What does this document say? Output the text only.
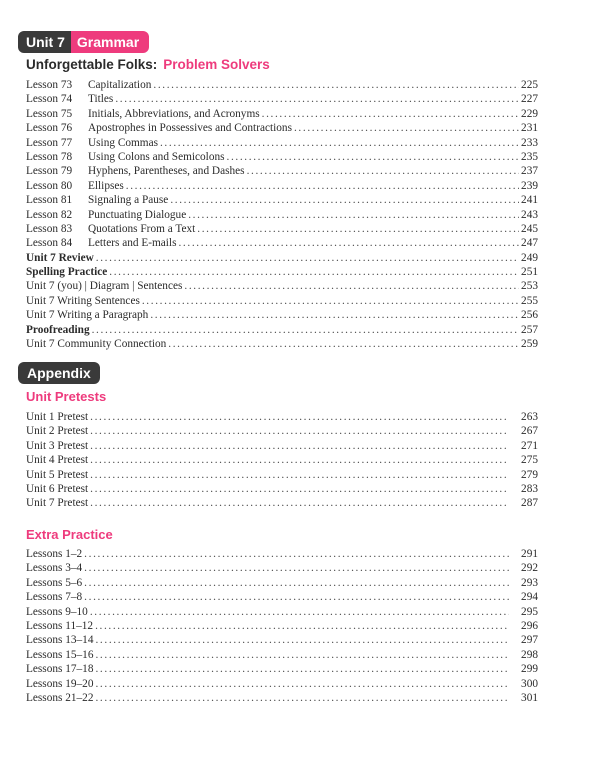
Unit 7 Grammar
Unforgettable Folks: Problem Solvers
Lesson 73	Capitalization . . .	225
Lesson 74	Titles . . .	227
Lesson 75	Initials, Abbreviations, and Acronyms . . .	229
Lesson 76	Apostrophes in Possessives and Contractions . . .	231
Lesson 77	Using Commas . . .	233
Lesson 78	Using Colons and Semicolons . . .	235
Lesson 79	Hyphens, Parentheses, and Dashes . . .	237
Lesson 80	Ellipses . . .	239
Lesson 81	Signaling a Pause . . .	241
Lesson 82	Punctuating Dialogue . . .	243
Lesson 83	Quotations From a Text . . .	245
Lesson 84	Letters and E-mails . . .	247
Unit 7 Review . . .	249
Spelling Practice . . .	251
Unit 7 (you) | Diagram | Sentences . . .	253
Unit 7 Writing Sentences . . .	255
Unit 7 Writing a Paragraph . . .	256
Proofreading . . .	257
Unit 7 Community Connection . . .	259
Appendix
Unit Pretests
Unit 1 Pretest . . .	263
Unit 2 Pretest . . .	267
Unit 3 Pretest . . .	271
Unit 4 Pretest . . .	275
Unit 5 Pretest . . .	279
Unit 6 Pretest . . .	283
Unit 7 Pretest . . .	287
Extra Practice
Lessons 1–2 . . .	291
Lessons 3–4 . . .	292
Lessons 5–6 . . .	293
Lessons 7–8 . . .	294
Lessons 9–10 . . .	295
Lessons 11–12 . . .	296
Lessons 13–14 . . .	297
Lessons 15–16 . . .	298
Lessons 17–18 . . .	299
Lessons 19–20 . . .	300
Lessons 21–22 . . .	301
